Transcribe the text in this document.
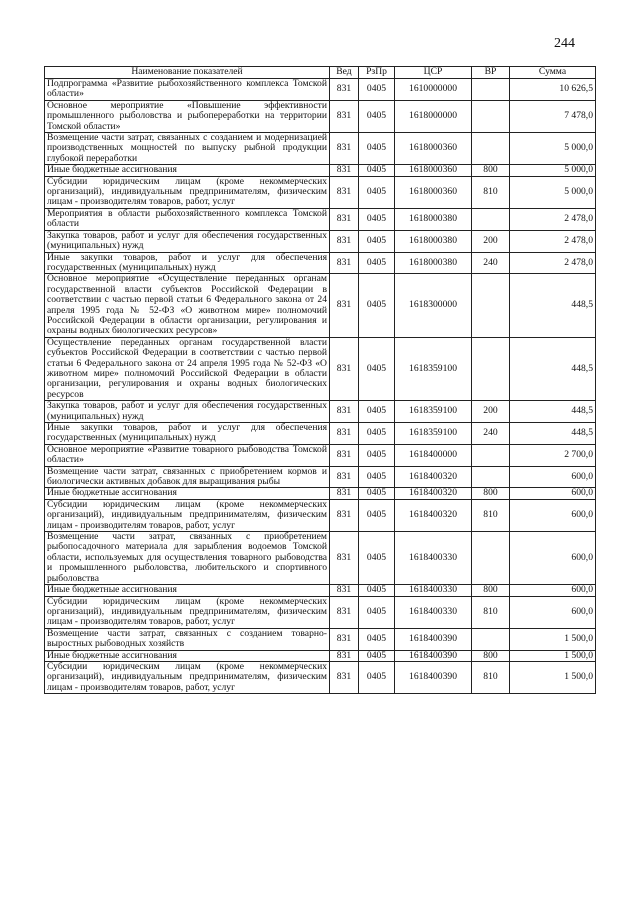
244
Наименование показателей	Вед	РзПр	ЦСР	ВР	Сумма
Подпрограмма «Развитие рыбохозяйственного комплекса Томской области»	831	0405	1610000000		10 626,5
Основное мероприятие «Повышение эффективности промышленного рыболовства и рыбопереработки на территории Томской области»	831	0405	1618000000		7 478,0
Возмещение части затрат, связанных с созданием и модернизацией производственных мощностей по выпуску рыбной продукции глубокой переработки	831	0405	1618000360		5 000,0
Иные бюджетные ассигнования	831	0405	1618000360	800	5 000,0
Субсидии юридическим лицам (кроме некоммерческих организаций), индивидуальным предпринимателям, физическим лицам - производителям товаров, работ, услуг	831	0405	1618000360	810	5 000,0
Мероприятия в области рыбохозяйственного комплекса Томской области	831	0405	1618000380		2 478,0
Закупка товаров, работ и услуг для обеспечения государственных (муниципальных) нужд	831	0405	1618000380	200	2 478,0
Иные закупки товаров, работ и услуг для обеспечения государственных (муниципальных) нужд	831	0405	1618000380	240	2 478,0
Основное мероприятие «Осуществление переданных органам государственной власти субъектов Российской Федерации в соответствии с частью первой статьи 6 Федерального закона от 24 апреля 1995 года № 52-ФЗ «О животном мире» полномочий Российской Федерации в области организации, регулирования и охраны водных биологических ресурсов»	831	0405	1618300000		448,5
Осуществление переданных органам государственной власти субъектов Российской Федерации в соответствии с частью первой статьи 6 Федерального закона от 24 апреля 1995 года № 52-ФЗ «О животном мире» полномочий Российской Федерации в области организации, регулирования и охраны водных биологических ресурсов	831	0405	1618359100		448,5
Закупка товаров, работ и услуг для обеспечения государственных (муниципальных) нужд	831	0405	1618359100	200	448,5
Иные закупки товаров, работ и услуг для обеспечения государственных (муниципальных) нужд	831	0405	1618359100	240	448,5
Основное мероприятие «Развитие товарного рыбоводства Томской области»	831	0405	1618400000		2 700,0
Возмещение части затрат, связанных с приобретением кормов и биологически активных добавок для выращивания рыбы	831	0405	1618400320		600,0
Иные бюджетные ассигнования	831	0405	1618400320	800	600,0
Субсидии юридическим лицам (кроме некоммерческих организаций), индивидуальным предпринимателям, физическим лицам - производителям товаров, работ, услуг	831	0405	1618400320	810	600,0
Возмещение части затрат, связанных с приобретением рыбопосадочного материала для зарыбления водоемов Томской области, используемых для осуществления товарного рыбоводства и промышленного рыболовства, любительского и спортивного рыболовства	831	0405	1618400330		600,0
Иные бюджетные ассигнования	831	0405	1618400330	800	600,0
Субсидии юридическим лицам (кроме некоммерческих организаций), индивидуальным предпринимателям, физическим лицам - производителям товаров, работ, услуг	831	0405	1618400330	810	600,0
Возмещение части затрат, связанных с созданием товарно-выростных рыбоводных хозяйств	831	0405	1618400390		1 500,0
Иные бюджетные ассигнования	831	0405	1618400390	800	1 500,0
Субсидии юридическим лицам (кроме некоммерческих организаций), индивидуальным предпринимателям, физическим лицам - производителям товаров, работ, услуг	831	0405	1618400390	810	1 500,0
